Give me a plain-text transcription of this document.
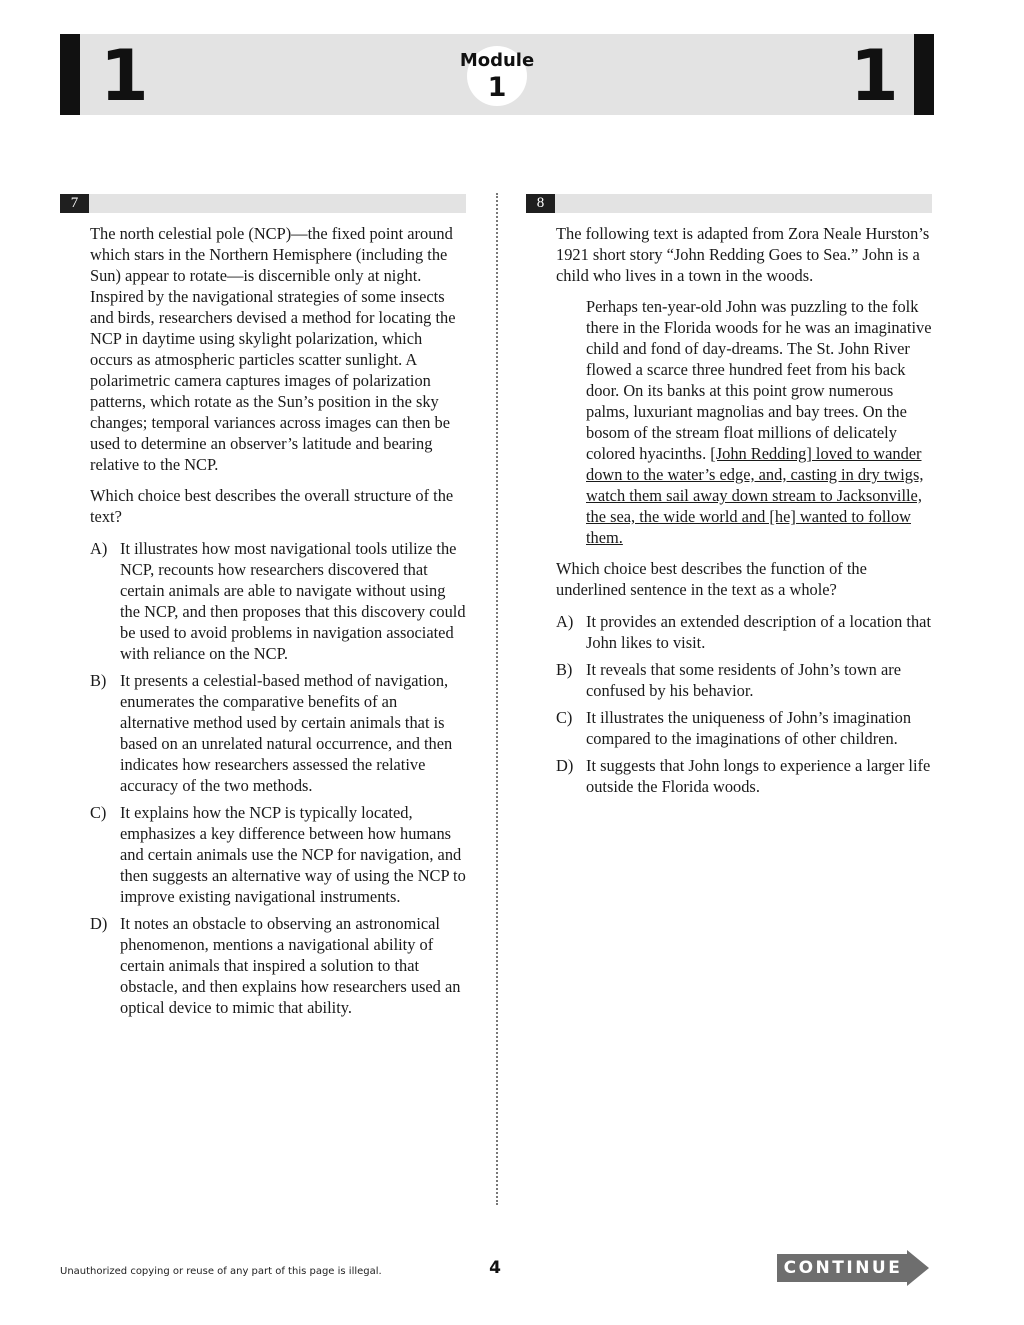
1	1
Module
1
7

The north celestial pole (NCP)—the fixed point around which stars in the Northern Hemisphere (including the Sun) appear to rotate—is discernible only at night. Inspired by the navigational strategies of some insects and birds, researchers devised a method for locating the NCP in daytime using skylight polarization, which occurs as atmospheric particles scatter sunlight. A polarimetric camera captures images of polarization patterns, which rotate as the Sun’s position in the sky changes; temporal variances across images can then be used to determine an observer’s latitude and bearing relative to the NCP.

Which choice best describes the overall structure of the text?

A) It illustrates how most navigational tools utilize the NCP, recounts how researchers discovered that certain animals are able to navigate without using the NCP, and then proposes that this discovery could be used to avoid problems in navigation associated with reliance on the NCP.
B) It presents a celestial-based method of navigation, enumerates the comparative benefits of an alternative method used by certain animals that is based on an unrelated natural occurrence, and then indicates how researchers assessed the relative accuracy of the two methods.
C) It explains how the NCP is typically located, emphasizes a key difference between how humans and certain animals use the NCP for navigation, and then suggests an alternative way of using the NCP to improve existing navigational instruments.
D) It notes an obstacle to observing an astronomical phenomenon, mentions a navigational ability of certain animals that inspired a solution to that obstacle, and then explains how researchers used an optical device to mimic that ability.
8

The following text is adapted from Zora Neale Hurston’s 1921 short story “John Redding Goes to Sea.” John is a child who lives in a town in the woods.

Perhaps ten-year-old John was puzzling to the folk there in the Florida woods for he was an imaginative child and fond of day-dreams. The St. John River flowed a scarce three hundred feet from his back door. On its banks at this point grow numerous palms, luxuriant magnolias and bay trees. On the bosom of the stream float millions of delicately colored hyacinths. [John Redding] loved to wander down to the water’s edge, and, casting in dry twigs, watch them sail away down stream to Jacksonville, the sea, the wide world and [he] wanted to follow them.

Which choice best describes the function of the underlined sentence in the text as a whole?

A) It provides an extended description of a location that John likes to visit.
B) It reveals that some residents of John’s town are confused by his behavior.
C) It illustrates the uniqueness of John’s imagination compared to the imaginations of other children.
D) It suggests that John longs to experience a larger life outside the Florida woods.
Unauthorized copying or reuse of any part of this page is illegal.	4	CONTINUE
